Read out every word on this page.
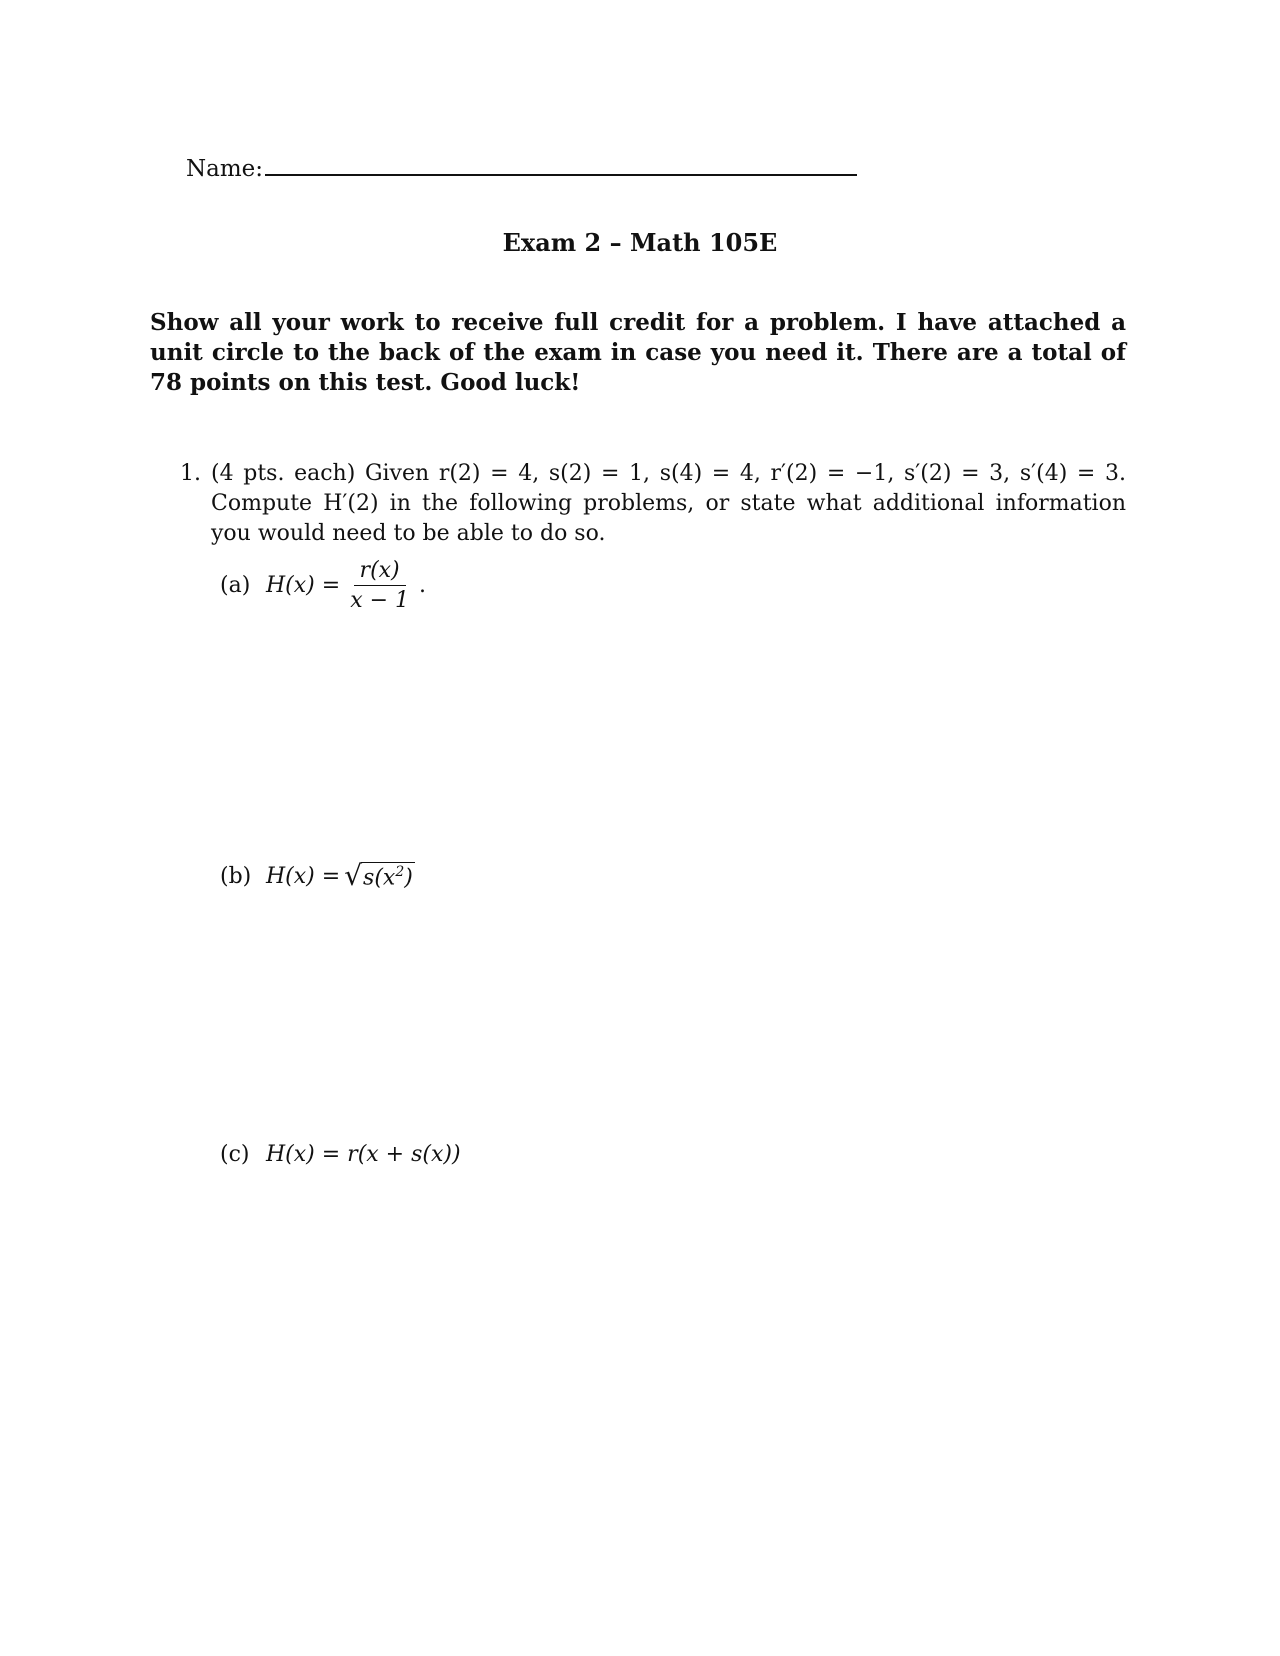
Name:
Exam 2 – Math 105E
Show all your work to receive full credit for a problem. I have attached a unit circle to the back of the exam in case you need it. There are a total of 78 points on this test. Good luck!
1. (4 pts. each) Given r(2) = 4, s(2) = 1, s(4) = 4, r′(2) = −1, s′(2) = 3, s′(4) = 3. Compute H′(2) in the following problems, or state what additional information you would need to be able to do so.
(a) $H(x) = \frac{r(x)}{x - 1}$ .
(b) H(x) = √ $s(x^2)$
(c) H(x) = r(x + s(x))
